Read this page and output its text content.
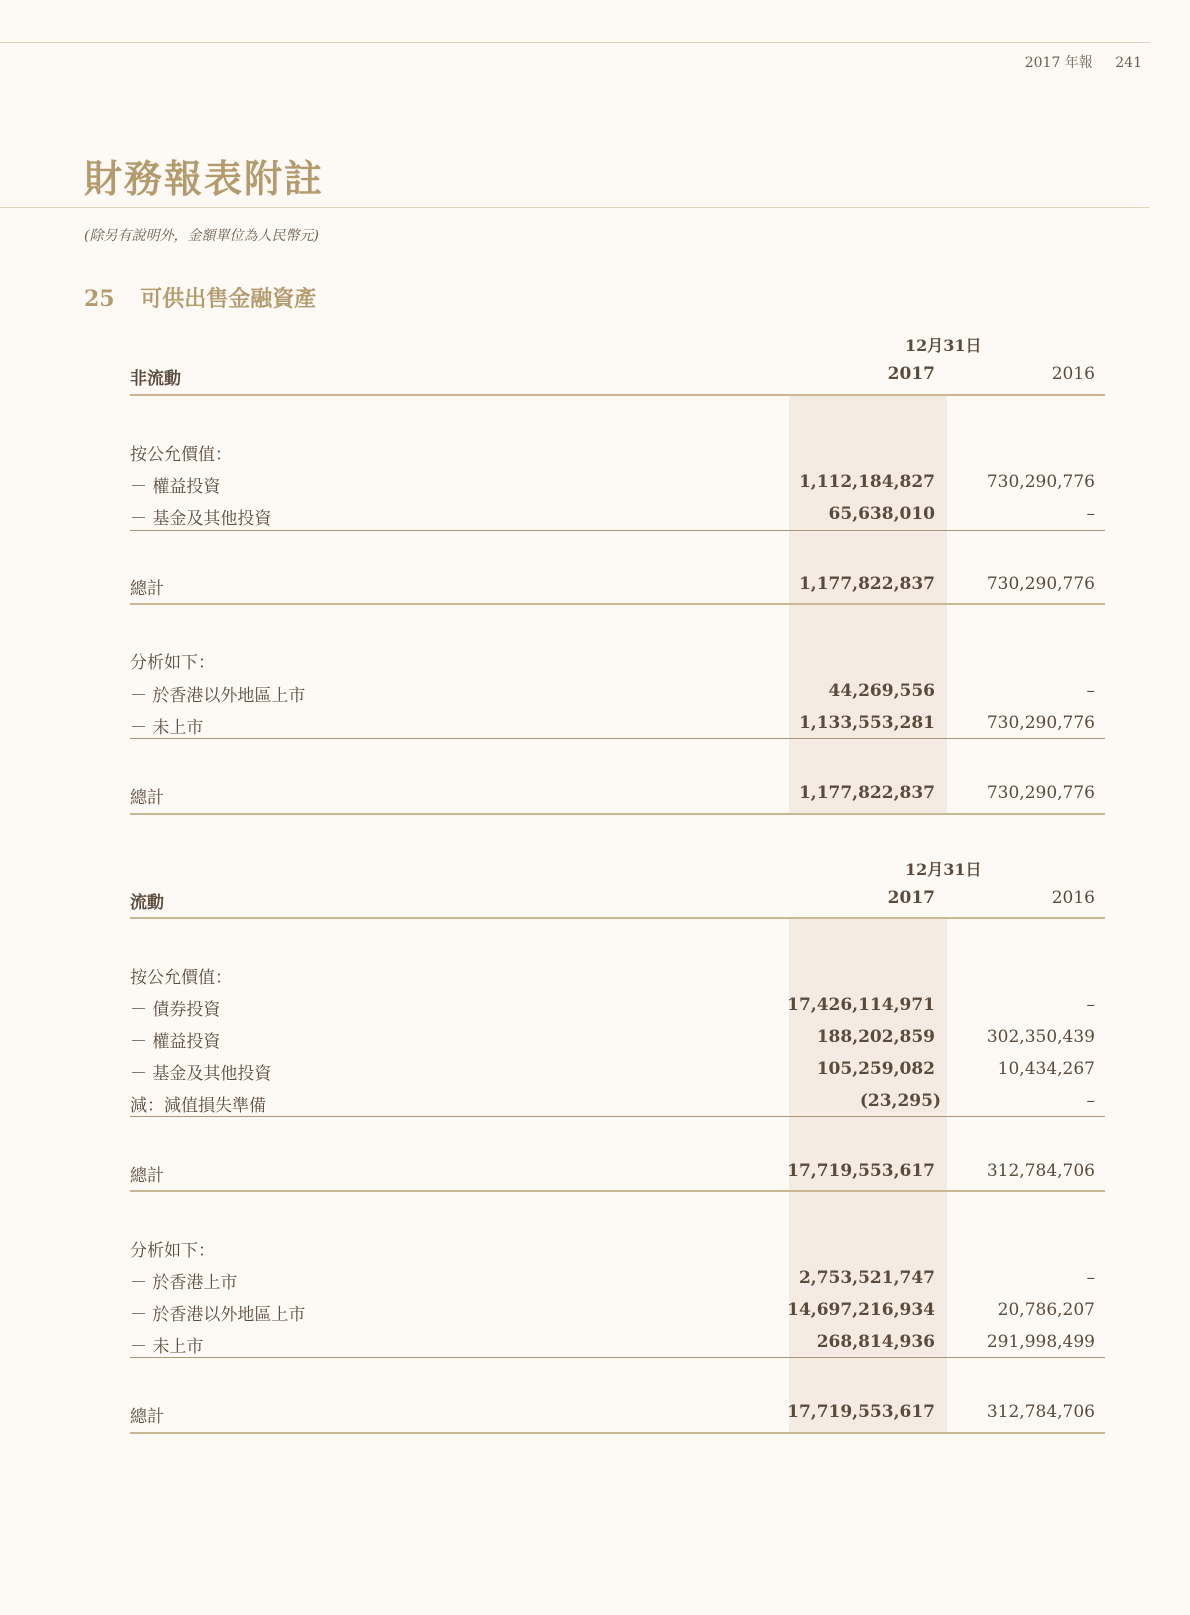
2017 年報 241
財務報表附註
(除另有說明外，金額單位為人民幣元)
25 可供出售金融資產
12月31日
非流動	2017	2016
按公允價值：
－ 權益投資	1,112,184,827	730,290,776
－ 基金及其他投資	65,638,010	–
總計	1,177,822,837	730,290,776
分析如下：
－ 於香港以外地區上市	44,269,556	–
－ 未上市	1,133,553,281	730,290,776
總計	1,177,822,837	730,290,776
12月31日
流動	2017	2016
按公允價值：
－ 債券投資	17,426,114,971	–
－ 權益投資	188,202,859	302,350,439
－ 基金及其他投資	105,259,082	10,434,267
減：減值損失準備	(23,295)	–
總計	17,719,553,617	312,784,706
分析如下：
－ 於香港上市	2,753,521,747	–
－ 於香港以外地區上市	14,697,216,934	20,786,207
－ 未上市	268,814,936	291,998,499
總計	17,719,553,617	312,784,706
